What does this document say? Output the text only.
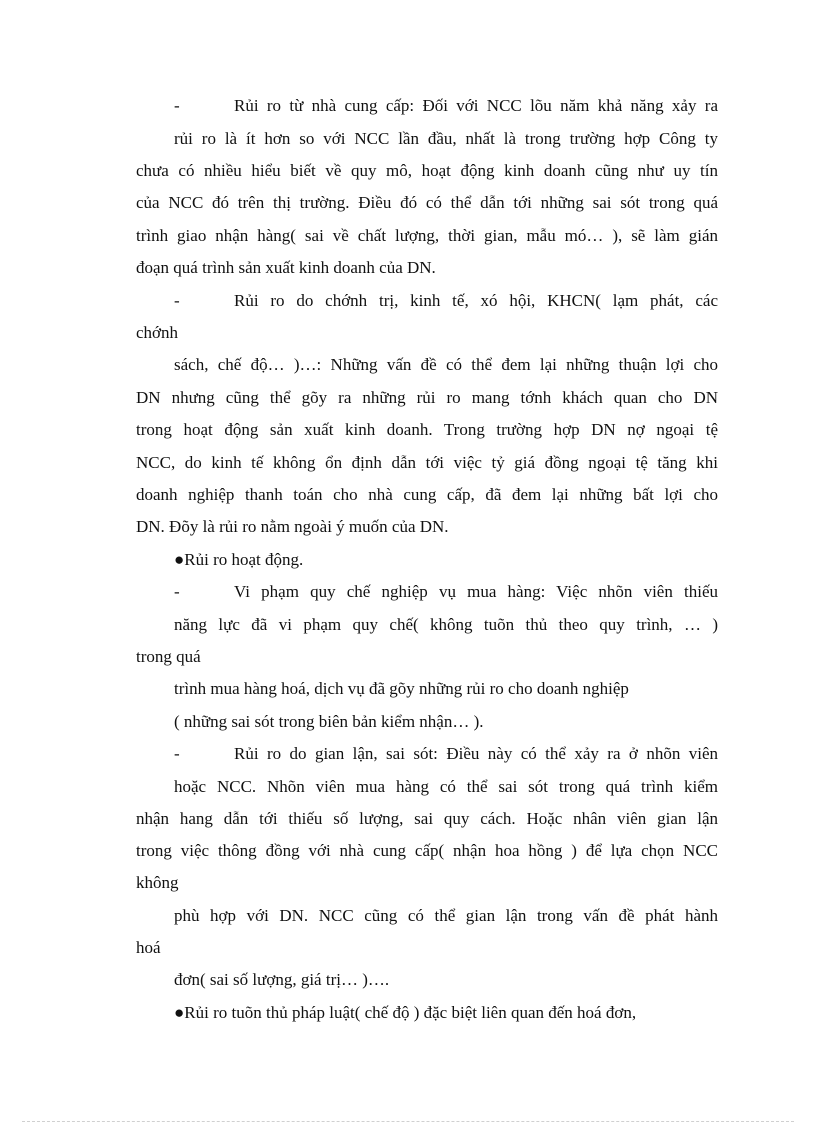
-	Rủi ro từ nhà cung cấp: Đối với NCC lõu năm khả năng xảy ra
rủi ro là ít hơn so với NCC lần đầu, nhất là trong trường hợp Công ty
chưa có nhiều hiểu biết về quy mô, hoạt động kinh doanh cũng như uy tín
của NCC đó trên thị trường. Điều đó có thể dẫn tới những sai sót trong quá
trình giao nhận hàng( sai về chất lượng, thời gian, mẫu mó… ), sẽ làm gián
đoạn quá trình sản xuất kinh doanh của DN.
-	Rủi ro do chớnh trị, kinh tế, xó hội, KHCN( lạm phát, các
chớnh
sách, chế độ… )…: Những vấn đề có thể đem lại những thuận lợi cho
DN nhưng cũng thể gõy ra những rủi ro mang tớnh khách quan cho DN
trong hoạt động sản xuất kinh doanh. Trong trường hợp DN nợ ngoại tệ
NCC, do kinh tế không ổn định dẫn tới việc tỷ giá đồng ngoại tệ tăng khi
doanh nghiệp thanh toán cho nhà cung cấp, đã đem lại những bất lợi cho
DN. Đõy là rủi ro nằm ngoài ý muốn của DN.
●Rủi ro hoạt động.
-	Vi phạm quy chế nghiệp vụ mua hàng: Việc nhõn viên thiếu
năng lực đã vi phạm quy chế( không tuõn thủ theo quy trình, … )
trong quá
trình mua hàng hoá, dịch vụ đã gõy những rủi ro cho doanh nghiệp
( những sai sót trong biên bản kiểm nhận… ).
-	Rủi ro do gian lận, sai sót: Điều này có thể xảy ra ở nhõn viên
hoặc NCC. Nhõn viên mua hàng có thể sai sót trong quá trình kiểm
nhận hang dẫn tới thiếu số lượng, sai quy cách. Hoặc nhân viên gian lận
trong việc thông đồng với nhà cung cấp( nhận hoa hồng ) để lựa chọn NCC
không
phù hợp với DN. NCC cũng có thể gian lận trong vấn đề phát hành
hoá
đơn( sai số lượng, giá trị… )….
●Rủi ro tuõn thủ pháp luật( chế độ ) đặc biệt liên quan đến hoá đơn,
